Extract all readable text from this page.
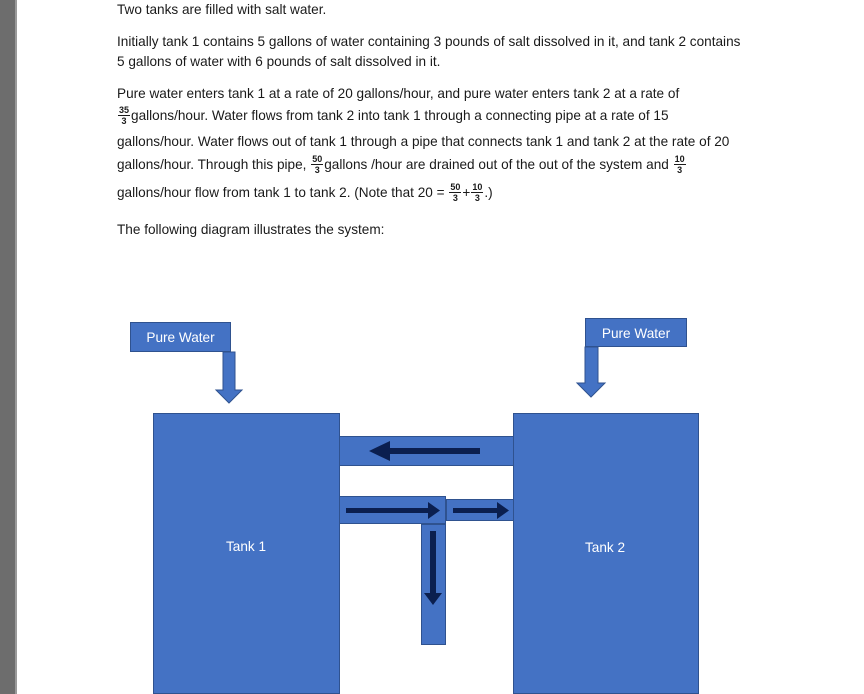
Two tanks are filled with salt water.

Initially tank 1 contains 5 gallons of water containing 3 pounds of salt dissolved in it, and tank 2 contains

5 gallons of water with 6 pounds of salt dissolved in it.

Pure water enters tank 1 at a rate of 20 gallons/hour, and pure water enters tank 2 at a rate of

$\frac{35}{3}$ gallons/hour. Water flows from tank 2 into tank 1 through a connecting pipe at a rate of 15

gallons/hour. Water flows out of tank 1 through a pipe that connects tank 1 and tank 2 at the rate of 20

gallons/hour. Through this pipe, $\frac{50}{3}$ gallons /hour are drained out of the out of the system and $\frac{10}{3}$

gallons/hour flow from tank 1 to tank 2. (Note that $20 = \frac{50}{3} + \frac{10}{3}$ .)

The following diagram illustrates the system:

Pure Water	Pure Water
Tank 1	Tank 2
